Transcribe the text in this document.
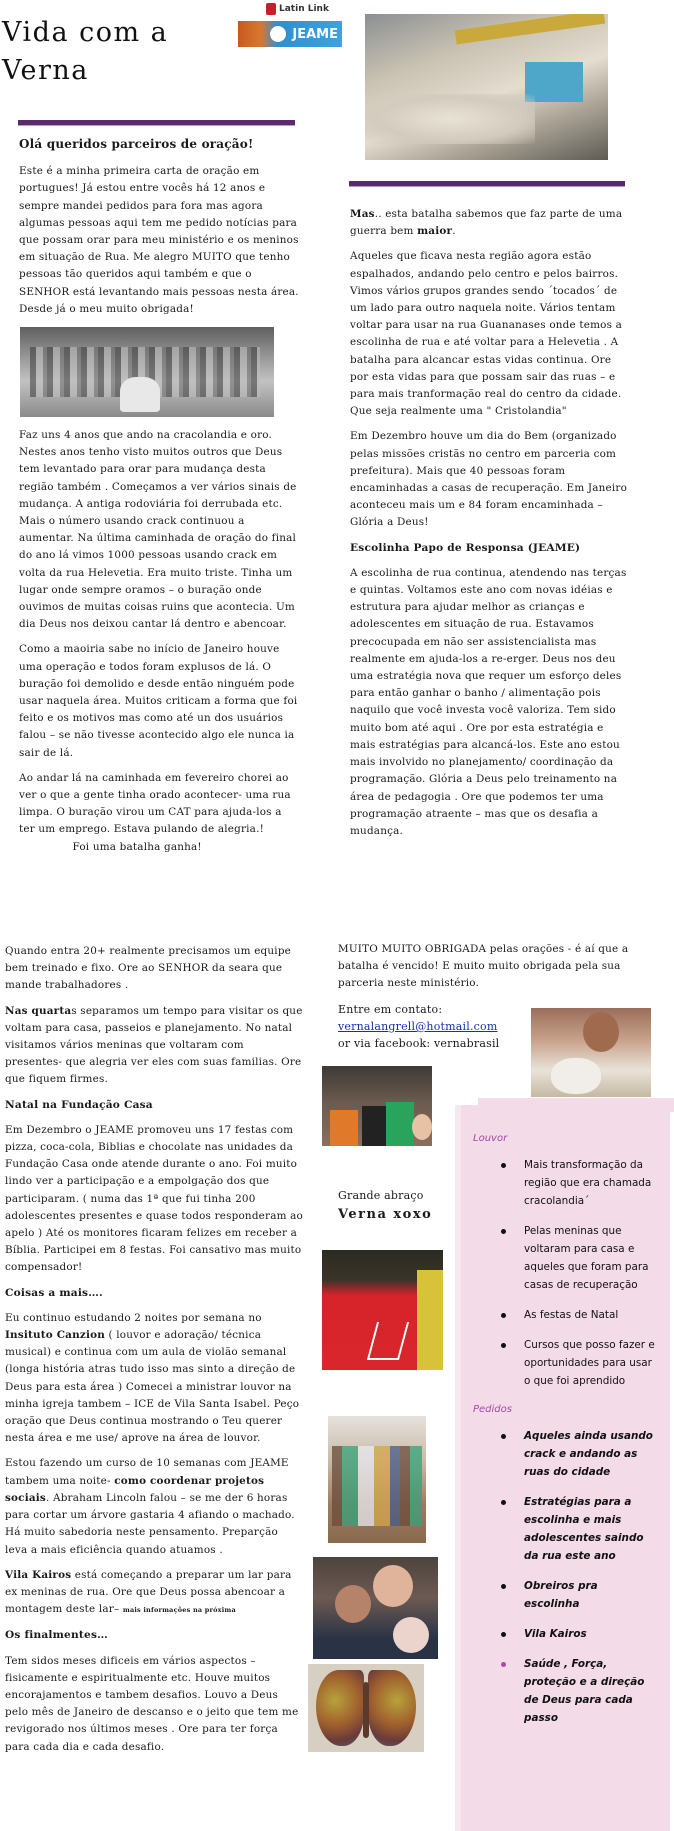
Vida com a
Verna
Latin Link
JEAME
Olá queridos parceiros de oração!

Este é a minha primeira carta de oração em portugues! Já estou entre vocês há 12 anos e sempre mandei pedidos para fora mas agora algumas pessoas aqui tem me pedido notícias para que possam orar para meu ministério e os meninos em situação de Rua. Me alegro MUITO que tenho pessoas tão queridos aqui também e que o SENHOR está levantando mais pessoas nesta área. Desde já o meu muito obrigada!

Faz uns 4 anos que ando na cracolandia e oro. Nestes anos tenho visto muitos outros que Deus tem levantado para orar para mudança desta região também . Começamos a ver vários sinais de mudança. A antiga rodoviária foi derrubada etc. Mais o número usando crack continuou a aumentar. Na última caminhada de oração do final do ano lá vimos 1000 pessoas usando crack em volta da rua Helevetia. Era muito triste. Tinha um lugar onde sempre oramos – o buração onde ouvimos de muitas coisas ruins que acontecia. Um dia Deus nos deixou cantar lá dentro e abencoar.

Como a maoiria sabe no início de Janeiro houve uma operação e todos foram explusos de lá. O buração foi demolido e desde então ninguém pode usar naquela área. Muitos criticam a forma que foi feito e os motivos mas como até un dos usuários falou – se não tivesse acontecido algo ele nunca ia sair de lá.

Ao andar lá na caminhada em fevereiro chorei ao ver o que a gente tinha orado acontecer- uma rua limpa. O buração virou um CAT para ajuda-los a ter um emprego. Estava pulando de alegria.!  Foi uma batalha ganha!

Mas.. esta batalha sabemos que faz parte de uma guerra bem maior.

Aqueles que ficava nesta região agora estão espalhados, andando pelo centro e pelos bairros. Vimos vários grupos grandes sendo ´tocados´ de um lado para outro naquela noite. Vários tentam voltar para usar na rua Guananases onde temos a escolinha de rua e até voltar para a Helevetia . A batalha para alcancar estas vidas continua. Ore por esta vidas para que possam sair das ruas – e para mais tranformação real do centro da cidade. Que seja realmente uma " Cristolandia"

Em Dezembro houve um dia do Bem (organizado pelas missões cristãs no centro em parceria com prefeitura). Mais que 40 pessoas foram encaminhadas a casas de recuperação. Em Janeiro aconteceu mais um e 84 foram encaminhada – Glória a Deus!

Escolinha Papo de Responsa (JEAME)

A escolinha de rua continua, atendendo nas terças e quintas. Voltamos este ano com novas idéias e estrutura para ajudar melhor as crianças e adolescentes em situação de rua. Estavamos precocupada em não ser assistencialista mas realmente em ajuda-los a re-erger. Deus nos deu uma estratégia nova que requer um esforço deles para então ganhar o banho / alimentação pois naquilo que você investa você valoriza. Tem sido muito bom até aqui . Ore por esta estratégia e mais estratégias para alcancá-los. Este ano estou mais involvido no planejamento/ coordinação da programação. Glória a Deus pelo treinamento na área de pedagogia . Ore que podemos ter uma programação atraente – mas que os desafia a mudança.

Quando entra 20+ realmente precisamos um equipe bem treinado e fixo. Ore ao SENHOR da seara que mande trabalhadores .

Nas quartas separamos um tempo para visitar os que voltam para casa, passeios e planejamento. No natal visitamos vários meninas que voltaram com presentes- que alegria ver eles com suas familias. Ore que fiquem firmes.

Natal na Fundação Casa

Em Dezembro o JEAME promoveu uns 17 festas com pizza, coca-cola, Biblias e chocolate nas unidades da Fundação Casa onde atende durante o ano. Foi muito lindo ver a participação e a empolgação dos que participaram. ( numa das 1ª que fui tinha 200 adolescentes presentes e quase todos responderam ao apelo ) Até os monitores ficaram felizes em receber a Bíblia. Participei em 8 festas. Foi cansativo mas muito compensador!

Coisas a mais….

Eu continuo estudando 2 noites por semana no Insituto Canzion ( louvor e adoração/ técnica musical) e continua com um aula de violão semanal (longa história atras tudo isso mas sinto a direção de Deus para esta área ) Comecei a ministrar louvor na minha igreja tambem – ICE de Vila Santa Isabel. Peço oração que Deus continua mostrando o Teu querer nesta área e me use/ aprove na área de louvor.

Estou fazendo um curso de 10 semanas com JEAME tambem uma noite- como coordenar projetos sociais. Abraham Lincoln falou – se me der 6 horas para cortar um árvore gastaria 4 afiando o machado. Há muito sabedoria neste pensamento. Preparção leva a mais eficiência quando atuamos .

Vila Kairos está começando a preparar um lar para ex meninas de rua. Ore que Deus possa abencoar a montagem deste lar– mais informações na próxima

Os finalmentes…

Tem sidos meses dificeis em vários aspectos – fisicamente e espiritualmente etc. Houve muitos encorajamentos e tambem desafios. Louvo a Deus pelo mês de Janeiro de descanso e o jeito que tem me revigorado nos últimos meses . Ore para ter força para cada dia e cada desafio.

MUITO MUITO OBRIGADA pelas orações - é aí que a batalha é vencido! E muito muito obrigada pela sua parceria neste ministério.

Entre em contato:
vernalangrell@hotmail.com
or via facebook: vernabrasil
Grande abraço
Verna xoxo
Louvor
Mais transformação da região que era chamada cracolandia´
Pelas meninas que voltaram para casa e aqueles que foram para casas de recuperação
As festas de Natal
Cursos que posso fazer e oportunidades para usar o que foi aprendido
Pedidos
Aqueles ainda usando crack e andando as ruas do cidade
Estratégias para a escolinha e mais adolescentes saindo da rua este ano
Obreiros pra escolinha
Vila Kairos
Saúde , Força, proteção e a direção de Deus para cada passo
